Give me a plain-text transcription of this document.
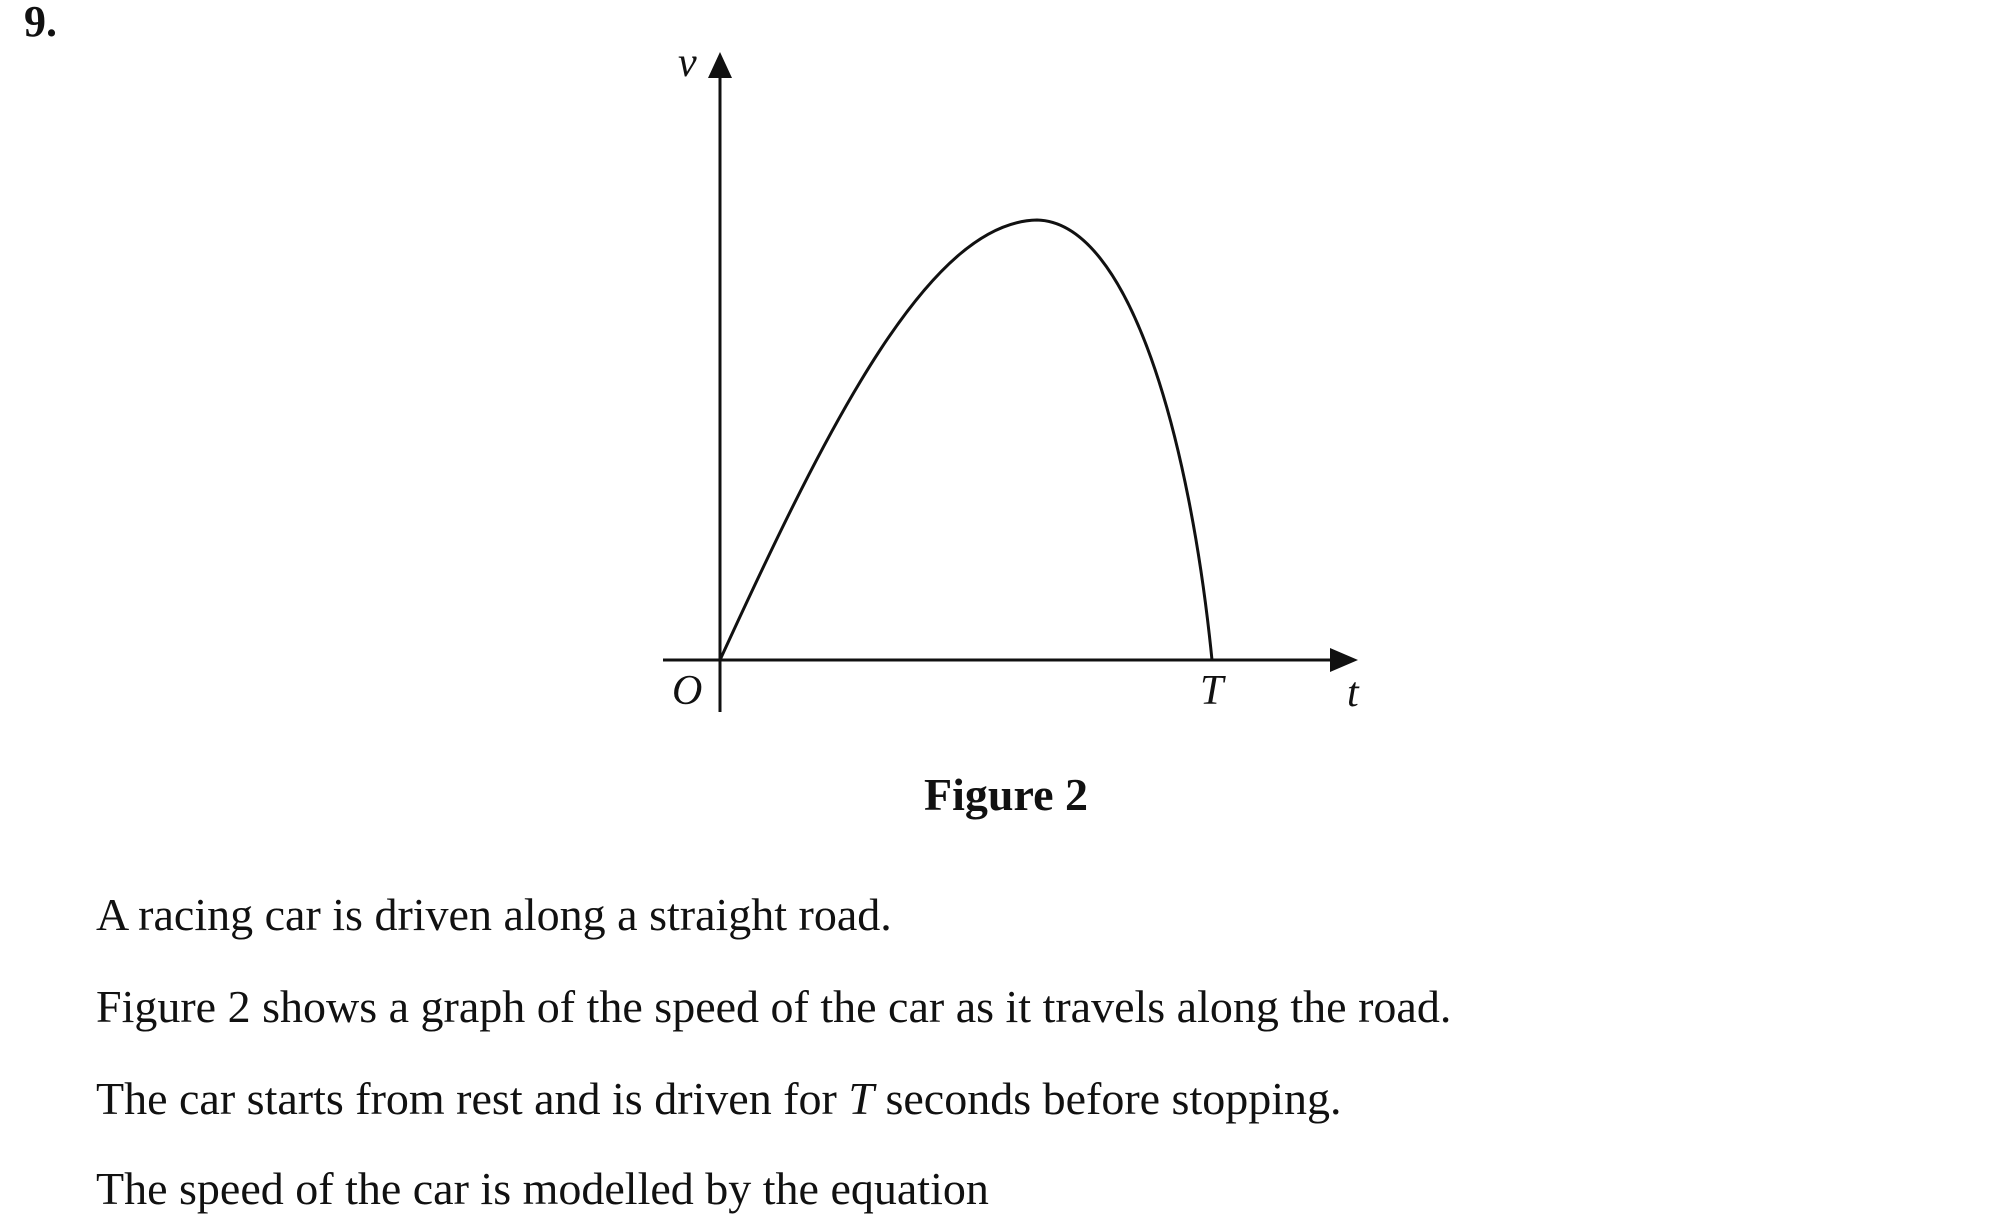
9.
v
O	T	t
Figure 2
A racing car is driven along a straight road.
Figure 2 shows a graph of the speed of the car as it travels along the road.
The car starts from rest and is driven for T seconds before stopping.
The speed of the car is modelled by the equation
